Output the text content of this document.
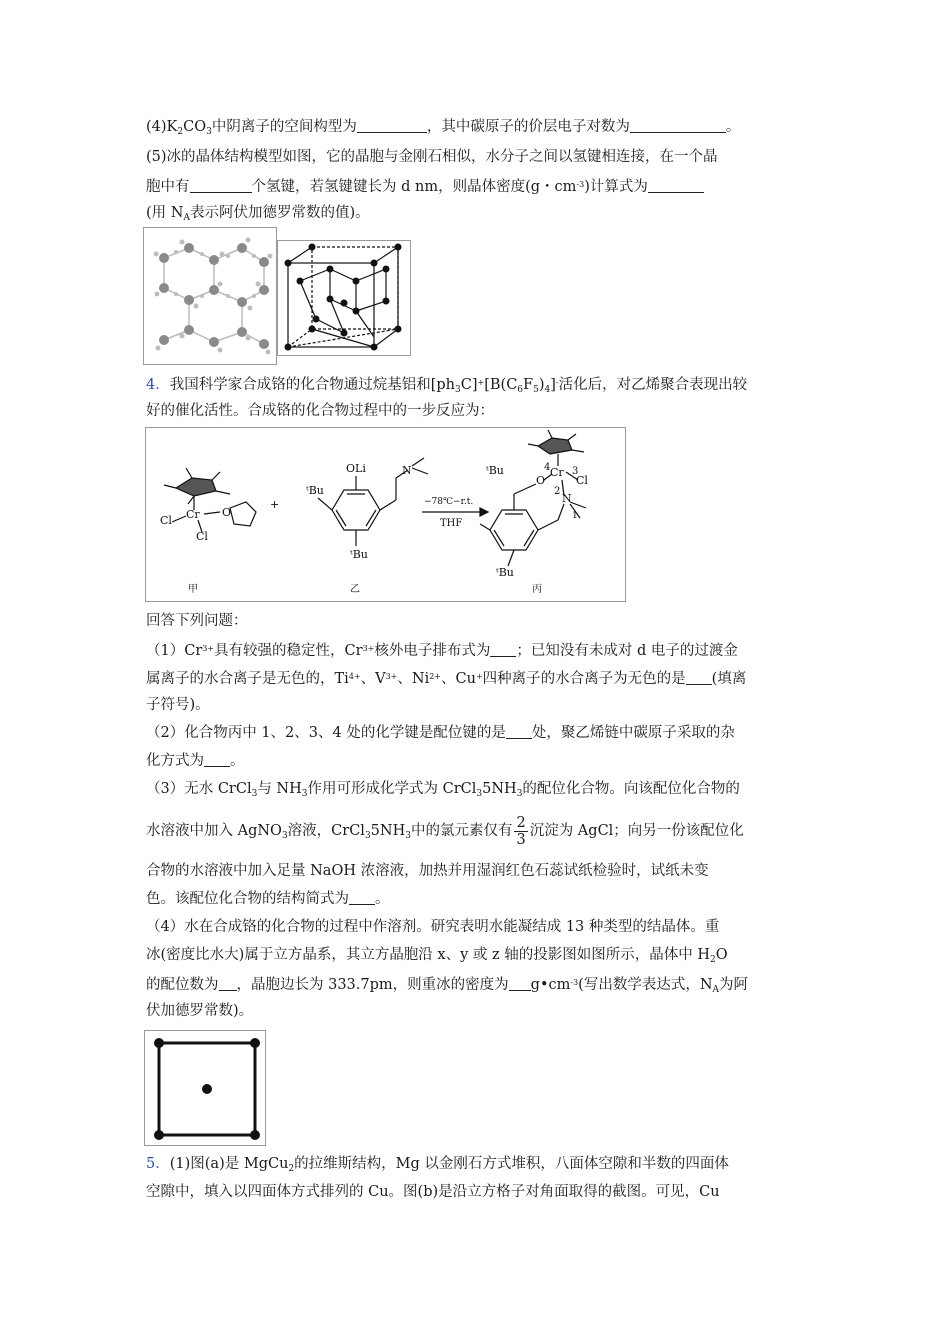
$(4)K_2CO_3$中阴离子的空间构型为	，其中碳原子的价层电子对数为	。
(5)冰的晶体结构模型如图，它的晶胞与金刚石相似，水分子之间以氢键相连接，在一个晶
胞中有	个氢键，若氢键键长为 d nm，则晶体密度(g・$cm^{-3}$)计算式为
(用 $N_A$表示阿伏加德罗常数的值)。
4．我国科学家合成铬的化合物通过烷基铝和$[ph_3C]^+[B(C_6F_5)_4]^-$活化后，对乙烯聚合表现出较
好的催化活性。合成铬的化合物过程中的一步反应为：
Cl Cr
Cl
O
+
OLi	N
ᵗBu
ᵗBu
−78℃−r.t.
THF
Cr
Cl
O
N
ᵗBu
ᵗBu
1
2
3
4
甲	乙	丙
回答下列问题：
$(1)Cr^{3+}$具有较强的稳定性，$Cr^{3+}$核外电子排布式为 ；已知没有未成对 d 电子的过渡金
属离子的水合离子是无色的，$Ti^{4+}$、$V^{3+}$、$Ni^{2+}$、Cu+四种离子的水合离子为无色的是 (填离
子符号)。
（2）化合物丙中 1、2、3、4 处的化学键是配位键的是 处，聚乙烯链中碳原子采取的杂
化方式为 。
（3）无水 CrCl$_3$与 $NH_3$作用可形成化学式为 $CrCl_35NH_3$的配位化合物。向该配位化合物的
水溶液中加入 AgNO$_3$溶液，$CrCl_35NH_3$中的氯元素仅有 $\frac{2}{3}$ 沉淀为 AgCl；向另一份该配位化
合物的水溶液中加入足量 NaOH 浓溶液，加热并用湿润红色石蕊试纸检验时，试纸未变
色。该配位化合物的结构简式为 。
（4）水在合成铬的化合物的过程中作溶剂。研究表明水能凝结成 13 种类型的结晶体。重
冰(密度比水大)属于立方晶系，其立方晶胞沿 x、y 或 z 轴的投影图如图所示，晶体中 $H_2O$
的配位数为 ，晶胞边长为 333.7pm，则重冰的密度为 $g•cm^{-3}$(写出数学表达式，$N_A$为阿
伏加德罗常数)。
5．(1)图(a)是 MgCu$_2$的拉维斯结构，Mg 以金刚石方式堆积，八面体空隙和半数的四面体
空隙中，填入以四面体方式排列的 Cu。图(b)是沿立方格子对角面取得的截图。可见，Cu
